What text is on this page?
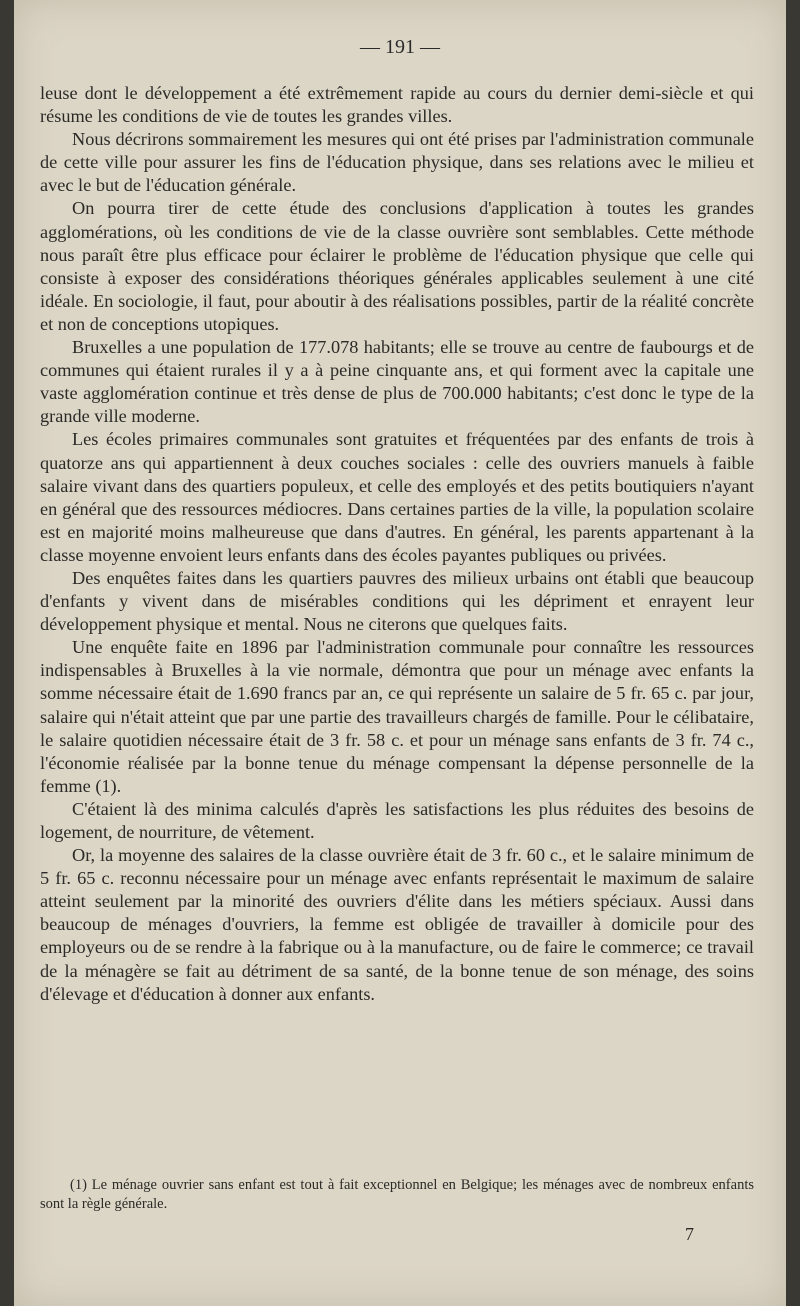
— 191 —

leuse dont le développement a été extrêmement rapide au cours du dernier demi-siècle et qui résume les conditions de vie de toutes les grandes villes.

Nous décrirons sommairement les mesures qui ont été prises par l'administration communale de cette ville pour assurer les fins de l'éducation physique, dans ses relations avec le milieu et avec le but de l'éducation générale.

On pourra tirer de cette étude des conclusions d'application à toutes les grandes agglomérations, où les conditions de vie de la classe ouvrière sont semblables. Cette méthode nous paraît être plus efficace pour éclairer le problème de l'éducation physique que celle qui consiste à exposer des considérations théoriques générales applicables seulement à une cité idéale. En sociologie, il faut, pour aboutir à des réalisations possibles, partir de la réalité concrète et non de conceptions utopiques.

Bruxelles a une population de 177.078 habitants; elle se trouve au centre de faubourgs et de communes qui étaient rurales il y a à peine cinquante ans, et qui forment avec la capitale une vaste agglomération continue et très dense de plus de 700.000 habitants; c'est donc le type de la grande ville moderne.

Les écoles primaires communales sont gratuites et fréquentées par des enfants de trois à quatorze ans qui appartiennent à deux couches sociales : celle des ouvriers manuels à faible salaire vivant dans des quartiers populeux, et celle des employés et des petits boutiquiers n'ayant en général que des ressources médiocres. Dans certaines parties de la ville, la population scolaire est en majorité moins malheureuse que dans d'autres. En général, les parents appartenant à la classe moyenne envoient leurs enfants dans des écoles payantes publiques ou privées.

Des enquêtes faites dans les quartiers pauvres des milieux urbains ont établi que beaucoup d'enfants y vivent dans de misérables conditions qui les dépriment et enrayent leur développement physique et mental. Nous ne citerons que quelques faits.

Une enquête faite en 1896 par l'administration communale pour connaître les ressources indispensables à Bruxelles à la vie normale, démontra que pour un ménage avec enfants la somme nécessaire était de 1.690 francs par an, ce qui représente un salaire de 5 fr. 65 c. par jour, salaire qui n'était atteint que par une partie des travailleurs chargés de famille. Pour le célibataire, le salaire quotidien nécessaire était de 3 fr. 58 c. et pour un ménage sans enfants de 3 fr. 74 c., l'économie réalisée par la bonne tenue du ménage compensant la dépense personnelle de la femme (1).

C'étaient là des minima calculés d'après les satisfactions les plus réduites des besoins de logement, de nourriture, de vêtement.

Or, la moyenne des salaires de la classe ouvrière était de 3 fr. 60 c., et le salaire minimum de 5 fr. 65 c. reconnu nécessaire pour un ménage avec enfants représentait le maximum de salaire atteint seulement par la minorité des ouvriers d'élite dans les métiers spéciaux. Aussi dans beaucoup de ménages d'ouvriers, la femme est obligée de travailler à domicile pour des employeurs ou de se rendre à la fabrique ou à la manufacture, ou de faire le commerce; ce travail de la ménagère se fait au détriment de sa santé, de la bonne tenue de son ménage, des soins d'élevage et d'éducation à donner aux enfants.

(1) Le ménage ouvrier sans enfant est tout à fait exceptionnel en Belgique; les ménages avec de nombreux enfants sont la règle générale.
7
